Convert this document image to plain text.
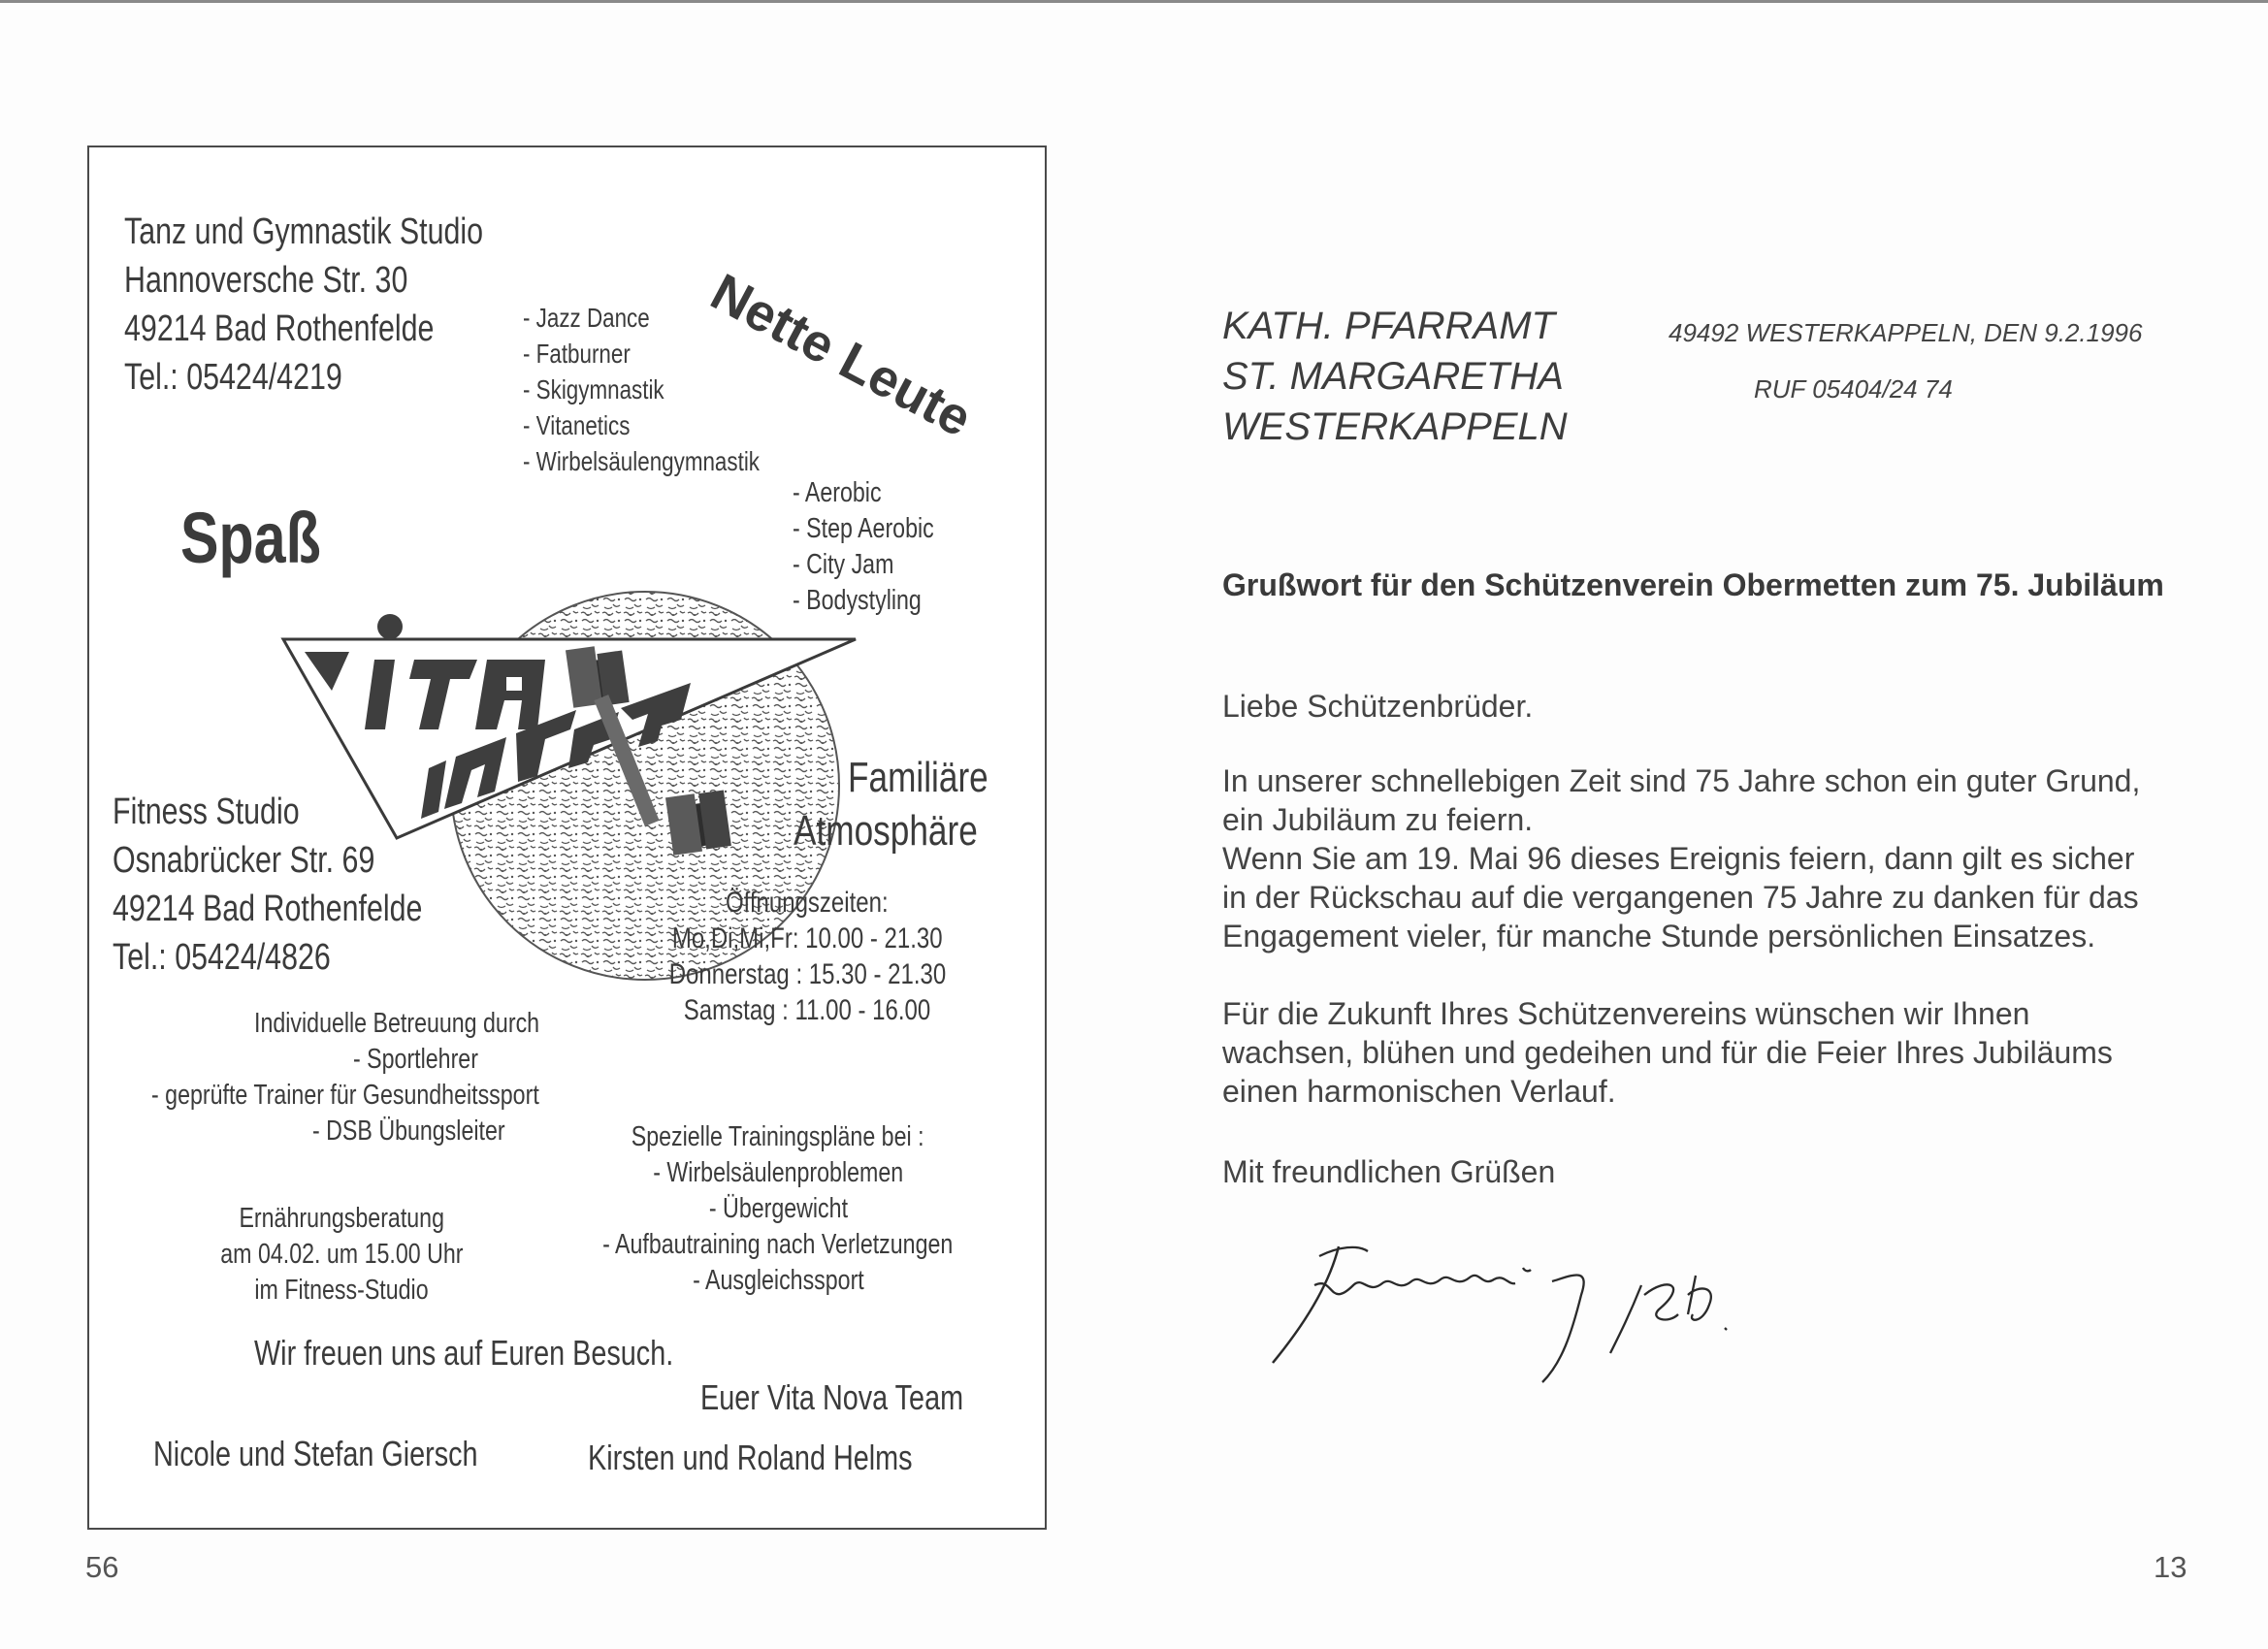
Tanz und Gymnastik Studio
Hannoversche Str. 30
49214 Bad Rothenfelde
Tel.: 05424/4219
- Jazz Dance
- Fatburner
- Skigymnastik
- Vitanetics
- Wirbelsäulengymnastik
- Aerobic
- Step Aerobic
- City Jam
- Bodystyling
Nette Leute
Spaß
Fitness Studio
Osnabrücker Str. 69
49214 Bad Rothenfelde
Tel.: 05424/4826
Familiäre
Atmosphäre
Öffnungszeiten:
Mo,Di,Mi,Fr: 10.00 - 21.30
Donnerstag : 15.30 - 21.30
Samstag : 11.00 - 16.00
Individuelle Betreuung durch
- Sportlehrer
- geprüfte Trainer für Gesundheitssport
- DSB Übungsleiter	Spezielle Trainingspläne bei :
- Wirbelsäulenproblemen
- Übergewicht
- Aufbautraining nach Verletzungen
- Ausgleichssport
Ernährungsberatung
am 04.02. um 15.00 Uhr
im Fitness-Studio
Wir freuen uns auf Euren Besuch.
Euer Vita Nova Team
Nicole und Stefan Giersch	Kirsten und Roland Helms
56
KATH. PFARRAMT
ST. MARGARETHA
WESTERKAPPELN
49492 WESTERKAPPELN, DEN 9.2.1996
RUF 05404/24 74
Grußwort für den Schützenverein Obermetten zum 75. Jubiläum
Liebe Schützenbrüder.
In unserer schnellebigen Zeit sind 75 Jahre schon ein guter Grund,
ein Jubiläum zu feiern.
Wenn Sie am 19. Mai 96 dieses Ereignis feiern, dann gilt es sicher
in der Rückschau auf die vergangenen 75 Jahre zu danken für das
Engagement vieler, für manche Stunde persönlichen Einsatzes.
Für die Zukunft Ihres Schützenvereins wünschen wir Ihnen
wachsen, blühen und gedeihen und für die Feier Ihres Jubiläums
einen harmonischen Verlauf.
Mit freundlichen Grüßen
13
